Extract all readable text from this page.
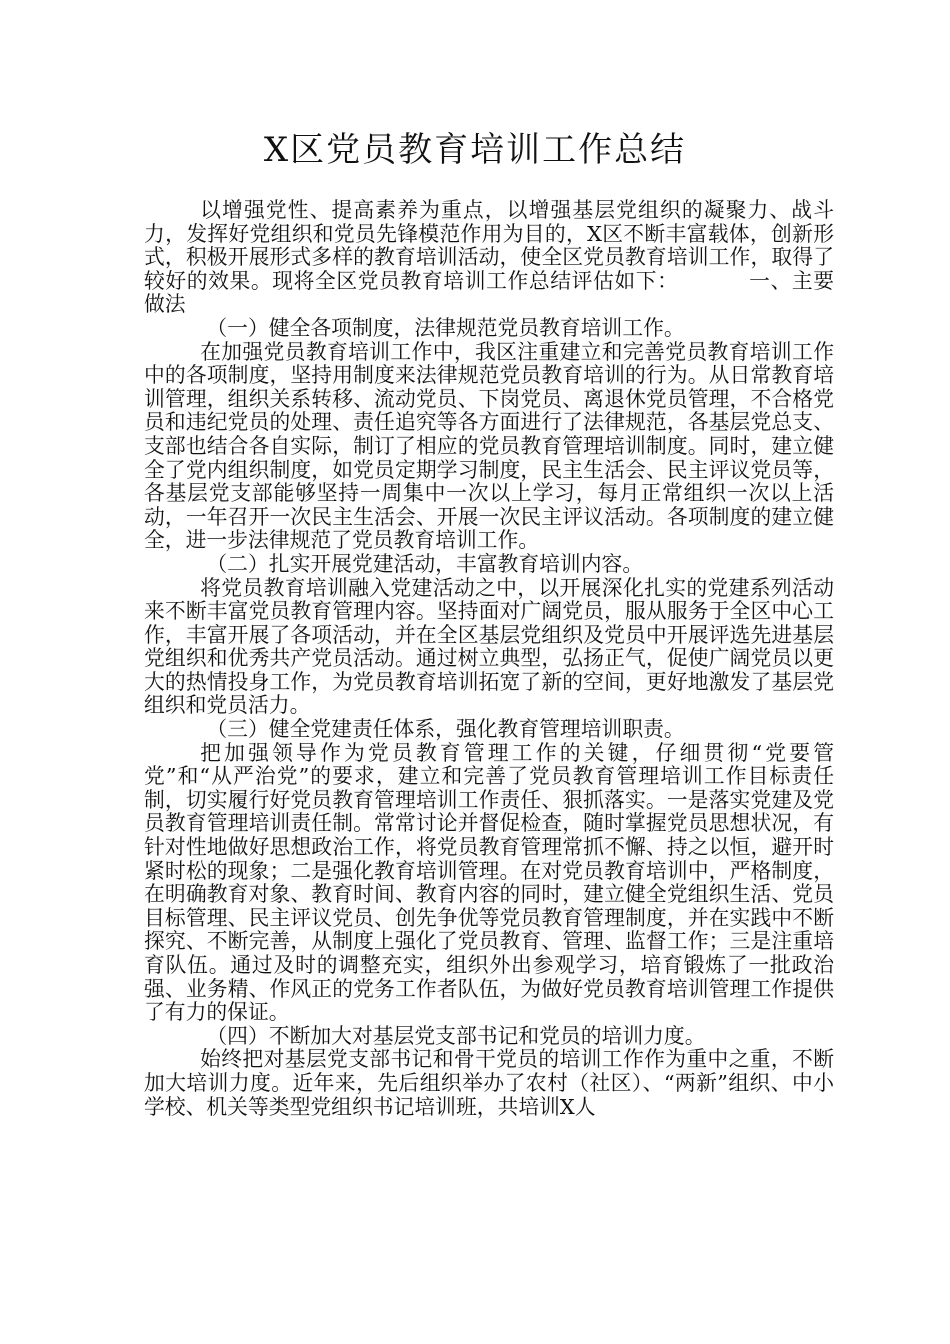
X区党员教育培训工作总结

以增强党性、提高素养为重点，以增强基层党组织的凝聚力、战斗力，发挥好党组织和党员先锋模范作用为目的，X区不断丰富载体，创新形式，积极开展形式多样的教育培训活动，使全区党员教育培训工作，取得了较好的效果。现将全区党员教育培训工作总结评估如下：	一、主要做法

（一）健全各项制度，法律规范党员教育培训工作。

在加强党员教育培训工作中，我区注重建立和完善党员教育培训工作中的各项制度，坚持用制度来法律规范党员教育培训的行为。从日常教育培训管理，组织关系转移、流动党员、下岗党员、离退休党员管理，不合格党员和违纪党员的处理、责任追究等各方面进行了法律规范，各基层党总支、支部也结合各自实际，制订了相应的党员教育管理培训制度。同时，建立健全了党内组织制度，如党员定期学习制度，民主生活会、民主评议党员等，各基层党支部能够坚持一周集中一次以上学习，每月正常组织一次以上活动，一年召开一次民主生活会、开展一次民主评议活动。各项制度的建立健全，进一步法律规范了党员教育培训工作。

（二）扎实开展党建活动，丰富教育培训内容。

将党员教育培训融入党建活动之中，以开展深化扎实的党建系列活动来不断丰富党员教育管理内容。坚持面对广阔党员，服从服务于全区中心工作，丰富开展了各项活动，并在全区基层党组织及党员中开展评选先进基层党组织和优秀共产党员活动。通过树立典型，弘扬正气，促使广阔党员以更大的热情投身工作，为党员教育培训拓宽了新的空间，更好地激发了基层党组织和党员活力。

（三）健全党建责任体系，强化教育管理培训职责。

把加强领导作为党员教育管理工作的关键，仔细贯彻“党要管党”和“从严治党”的要求，建立和完善了党员教育管理培训工作目标责任制，切实履行好党员教育管理培训工作责任、狠抓落实。一是落实党建及党员教育管理培训责任制。常常讨论并督促检查，随时掌握党员思想状况，有针对性地做好思想政治工作，将党员教育管理常抓不懈、持之以恒，避开时紧时松的现象；二是强化教育培训管理。在对党员教育培训中，严格制度，在明确教育对象、教育时间、教育内容的同时，建立健全党组织生活、党员目标管理、民主评议党员、创先争优等党员教育管理制度，并在实践中不断探究、不断完善，从制度上强化了党员教育、管理、监督工作；三是注重培育队伍。通过及时的调整充实，组织外出参观学习，培育锻炼了一批政治强、业务精、作风正的党务工作者队伍，为做好党员教育培训管理工作提供了有力的保证。

（四）不断加大对基层党支部书记和党员的培训力度。

始终把对基层党支部书记和骨干党员的培训工作作为重中之重，不断加大培训力度。近年来，先后组织举办了农村（社区）、“两新”组织、中小学校、机关等类型党组织书记培训班，共培训X人
